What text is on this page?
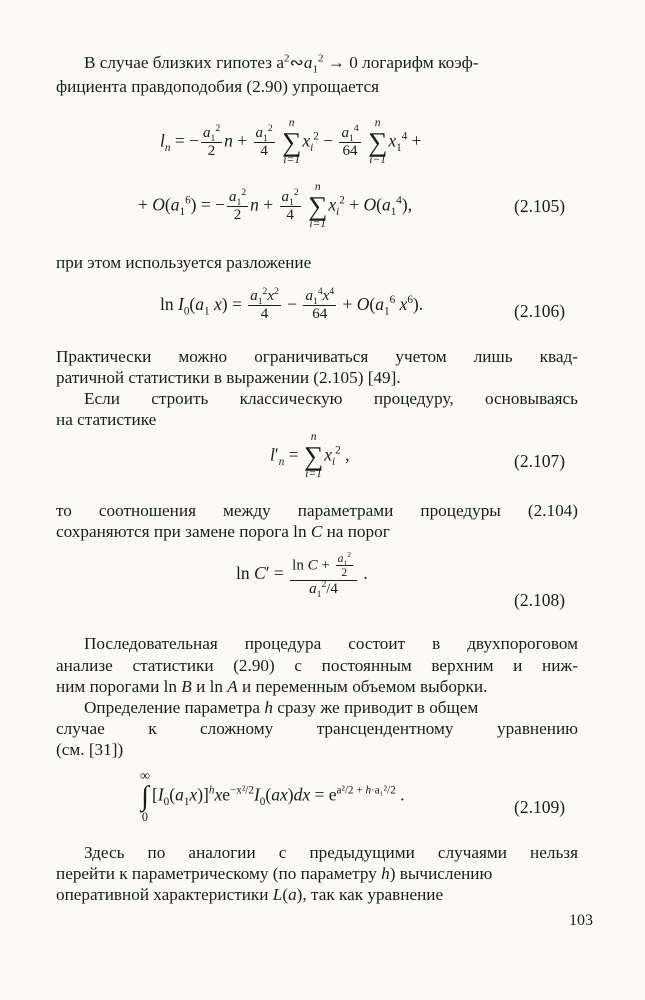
В случае близких гипотез $a^2∾a_1^2 \to 0$ логарифм коэф-
фициента правдоподобия (2.90) упрощается
$l_n$ = − $\frac{a_1^2}{2}$ $n + \frac{a_1^2}{4}$

n
∑
i=1
$x_i^2 - \frac{a_1^4}{64}$

n
∑
i−1
$x_1^4$ +
+ $O(a_1^6)$ = − $\frac{a_1^2}{2}$ $n + \frac{a_1^2}{4}$

n
∑
i=1
$x_i^2 + O(a_1^4)$,	(2.105)
при этом используется разложение
$\ln I_0(a_1$ $x) = \frac{a_1^2x^2}{4} - \frac{a_1^4x^4}{64} + O(a_1^6$ $x^6$).	(2.106)
Практически можно ограничиваться учетом лишь квад-
ратичной статистики в выражении (2.105) [49].
Если строить классическую процедуру, основываясь
на статистике
$l'_n$ =
n
∑
i=1
$x_i^2$ ,	(2.107)
то соотношения между параметрами процедуры (2.104)
сохраняются при замене порога ln C на порог
$\ln C' = \frac{\ln C + \frac{a_1^2}{2}}{a_1^2/4}$ .
(2.108)
Последовательная процедура состоит в двухпороговом
анализе статистики (2.90) с постоянным верхним и ниж-
ним порогами ln B и ln A и переменным объемом выборки.
Определение параметра h сразу же приводит в общем
случае к сложному трансцендентному уравнению
(см. [31])
∞
∫
0
$[I_0(a_1x)]^hxe^{-x^2/2}I_0(ax)dx = e^{a^2/2 + h\cdot a_1^2/2}$ .
(2.109)
Здесь по аналогии с предыдущими случаями нельзя
перейти к параметрическому (по параметру h) вычислению
оперативной характеристики L(a), так как уравнение
103
